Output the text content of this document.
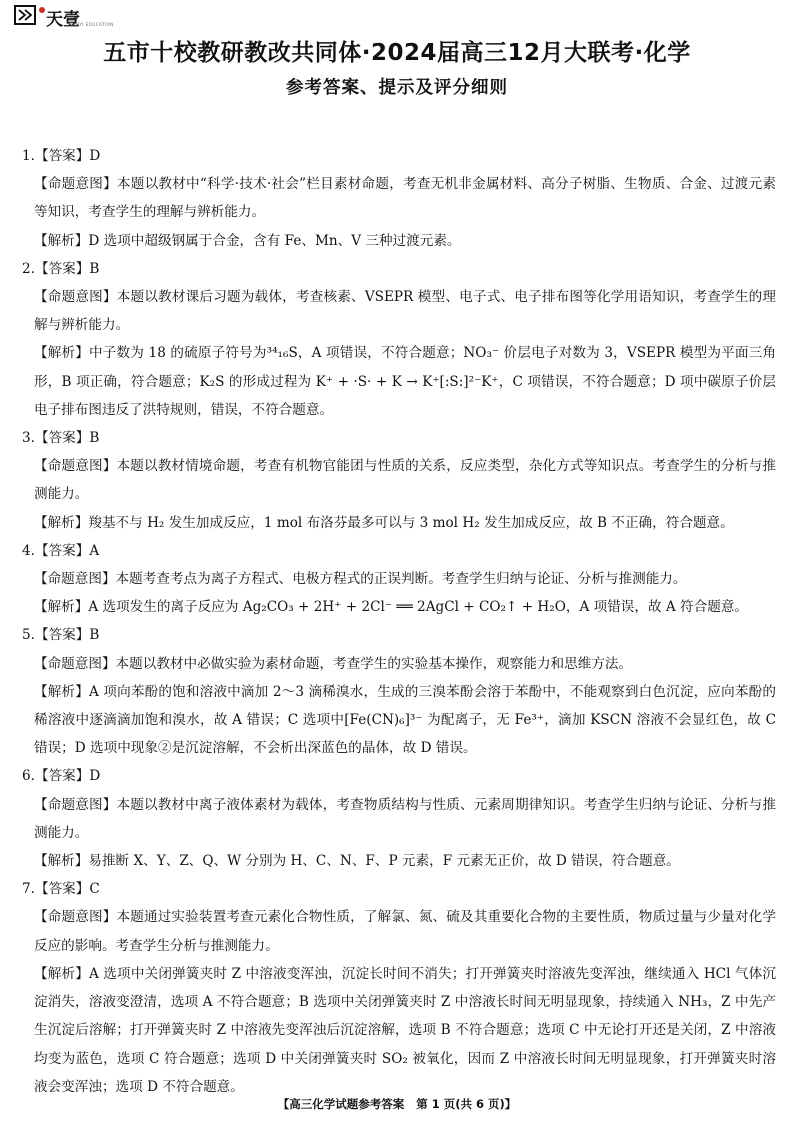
天壹
TIANYI EDUCATION
五市十校教研教改共同体·2024届高三12月大联考·化学
参考答案、提示及评分细则

1.【答案】D

【命题意图】本题以教材中“科学·技术·社会”栏目素材命题，考查无机非金属材料、高分子树脂、生物质、合金、过渡元素等知识，考查学生的理解与辨析能力。

【解析】D 选项中超级钢属于合金，含有 Fe、Mn、V 三种过渡元素。

2.【答案】B

【命题意图】本题以教材课后习题为载体，考查核素、VSEPR 模型、电子式、电子排布图等化学用语知识，考查学生的理解与辨析能力。

【解析】中子数为 18 的硫原子符号为³⁴₁₆S，A 项错误，不符合题意；NO₃⁻ 价层电子对数为 3，VSEPR 模型为平面三角形，B 项正确，符合题意；K₂S 的形成过程为 K⁺ + ·S· + K → K⁺[:S:]²⁻K⁺，C 项错误，不符合题意；D 项中碳原子价层电子排布图违反了洪特规则，错误，不符合题意。

3.【答案】B

【命题意图】本题以教材情境命题，考查有机物官能团与性质的关系，反应类型，杂化方式等知识点。考查学生的分析与推测能力。

【解析】羧基不与 H₂ 发生加成反应，1 mol 布洛芬最多可以与 3 mol H₂ 发生加成反应，故 B 不正确，符合题意。

4.【答案】A

【命题意图】本题考查考点为离子方程式、电极方程式的正误判断。考查学生归纳与论证、分析与推测能力。

【解析】A 选项发生的离子反应为 Ag₂CO₃ + 2H⁺ + 2Cl⁻ ══ 2AgCl + CO₂↑ + H₂O，A 项错误，故 A 符合题意。

5.【答案】B

【命题意图】本题以教材中必做实验为素材命题，考查学生的实验基本操作，观察能力和思维方法。

【解析】A 项向苯酚的饱和溶液中滴加 2～3 滴稀溴水，生成的三溴苯酚会溶于苯酚中，不能观察到白色沉淀，应向苯酚的稀溶液中逐滴滴加饱和溴水，故 A 错误；C 选项中[Fe(CN)₆]³⁻ 为配离子，无 Fe³⁺，滴加 KSCN 溶液不会显红色，故 C 错误；D 选项中现象②是沉淀溶解，不会析出深蓝色的晶体，故 D 错误。

6.【答案】D

【命题意图】本题以教材中离子液体素材为载体，考查物质结构与性质、元素周期律知识。考查学生归纳与论证、分析与推测能力。

【解析】易推断 X、Y、Z、Q、W 分别为 H、C、N、F、P 元素，F 元素无正价，故 D 错误，符合题意。

7.【答案】C

【命题意图】本题通过实验装置考查元素化合物性质，了解氯、氮、硫及其重要化合物的主要性质，物质过量与少量对化学反应的影响。考查学生分析与推测能力。

【解析】A 选项中关闭弹簧夹时 Z 中溶液变浑浊，沉淀长时间不消失；打开弹簧夹时溶液先变浑浊，继续通入 HCl 气体沉淀消失，溶液变澄清，选项 A 不符合题意；B 选项中关闭弹簧夹时 Z 中溶液长时间无明显现象，持续通入 NH₃，Z 中先产生沉淀后溶解；打开弹簧夹时 Z 中溶液先变浑浊后沉淀溶解，选项 B 不符合题意；选项 C 中无论打开还是关闭，Z 中溶液均变为蓝色，选项 C 符合题意；选项 D 中关闭弹簧夹时 SO₂ 被氧化，因而 Z 中溶液长时间无明显现象，打开弹簧夹时溶液会变浑浊；选项 D 不符合题意。

【高三化学试题参考答案 第 1 页(共 6 页)】
